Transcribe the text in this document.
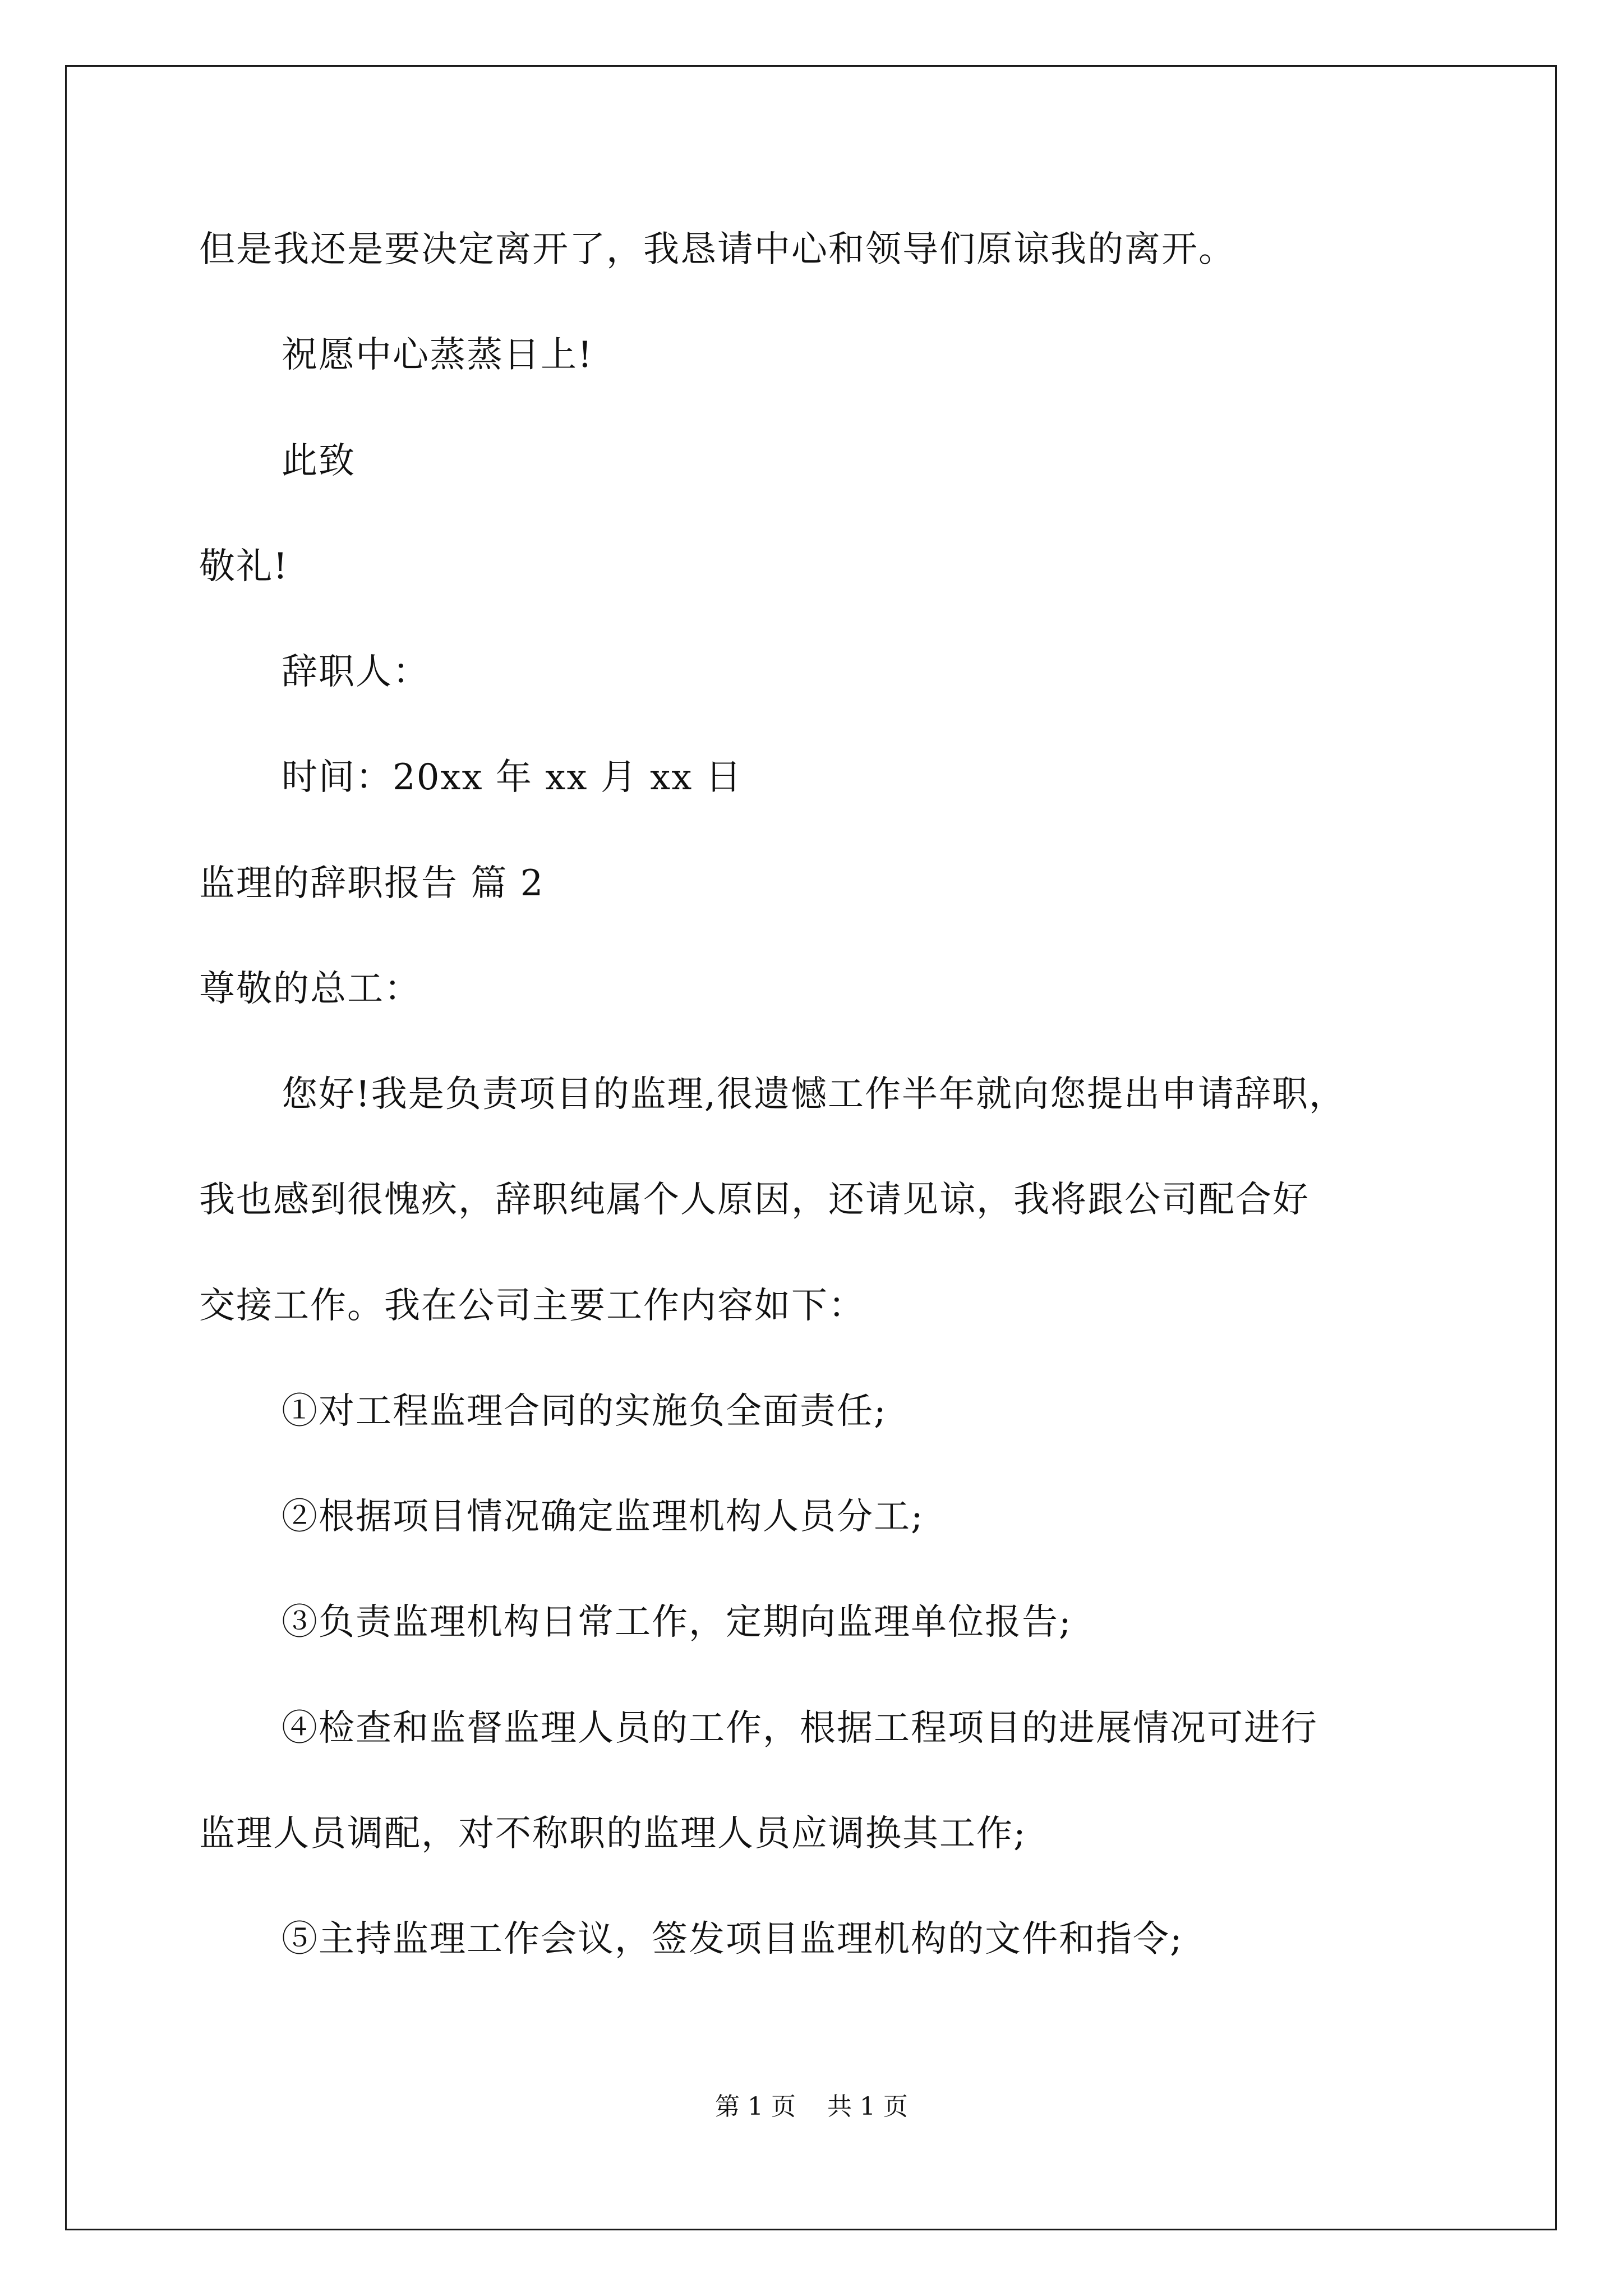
但是我还是要决定离开了，我恳请中心和领导们原谅我的离开。
祝愿中心蒸蒸日上!
此致
敬礼!
辞职人：
时间：20xx 年 xx 月 xx 日
监理的辞职报告 篇 2
尊敬的总工：
您好!我是负责项目的监理,很遗憾工作半年就向您提出申请辞职，
我也感到很愧疚，辞职纯属个人原因，还请见谅，我将跟公司配合好
交接工作。我在公司主要工作内容如下：
①对工程监理合同的实施负全面责任;
②根据项目情况确定监理机构人员分工;
③负责监理机构日常工作，定期向监理单位报告;
④检查和监督监理人员的工作，根据工程项目的进展情况可进行
监理人员调配，对不称职的监理人员应调换其工作;
⑤主持监理工作会议，签发项目监理机构的文件和指令;
第 1 页    共 1 页
